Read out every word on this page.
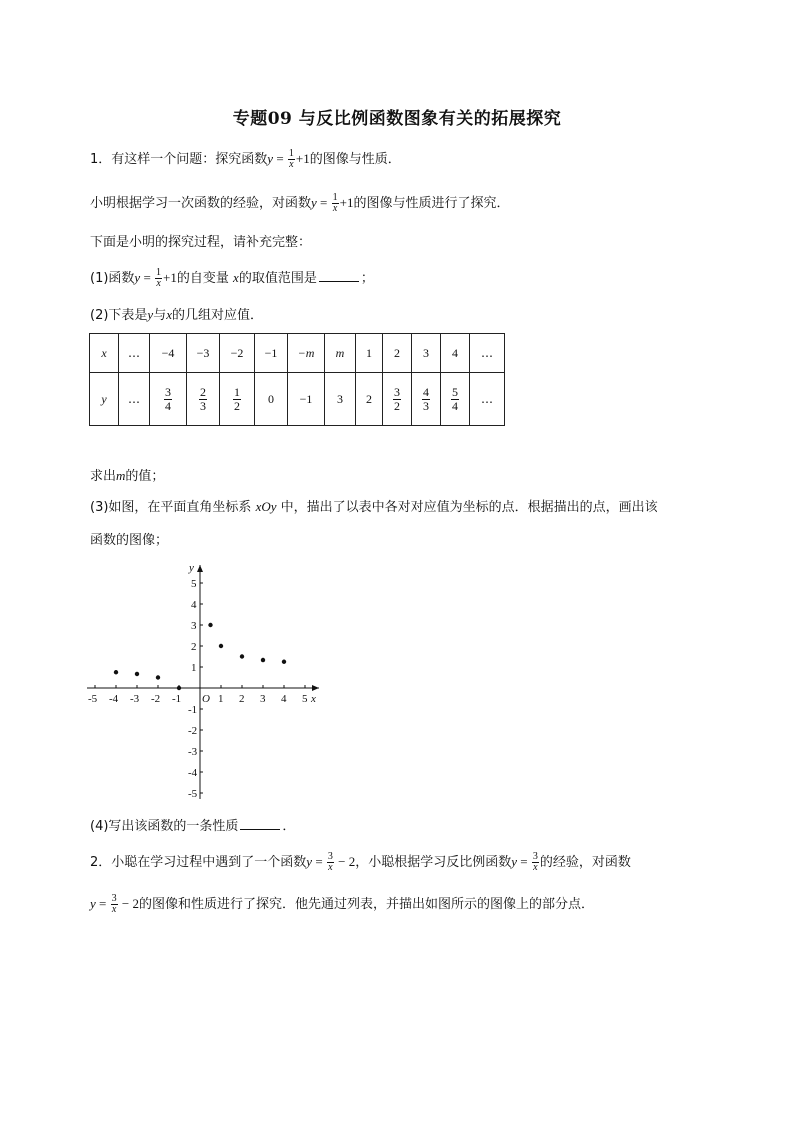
专题09 与反比例函数图象有关的拓展探究
1．有这样一个问题：探究函数$y = \frac{1}{x} +1$的图像与性质．
小明根据学习一次函数的经验，对函数$y = \frac{1}{x} +1$的图像与性质进行了探究．
下面是小明的探究过程，请补充完整：
(1)函数$y = \frac{1}{x} +1$的自变量 x的取值范围是	；
(2)下表是y与x的几组对应值．
x	…	−4	−3	−2	−1	−m	m	1	2	3	4	…
y	…	$\frac{3}{4}$	$\frac{2}{3}$	$\frac{1}{2}$	0	−1	3	2	$\frac{3}{2}$	$\frac{4}{3}$	$\frac{5}{4}$	…
求出m的值；
(3)如图，在平面直角坐标系 xOy 中，描出了以表中各对对应值为坐标的点．根据描出的点，画出该
函数的图像；
x
y
O
-5 -4 -3 -2 -1	1 2 3 4 5
5
4
3
2
1
-1
-2
-3
-4
-5
(4)写出该函数的一条性质	．
2．小聪在学习过程中遇到了一个函数$y = \frac{3}{x} - 2$，小聪根据学习反比例函数$y = \frac{3}{x}$ 的经验，对函数
$y = \frac{3}{x} - 2$的图像和性质进行了探究．他先通过列表，并描出如图所示的图像上的部分点．
